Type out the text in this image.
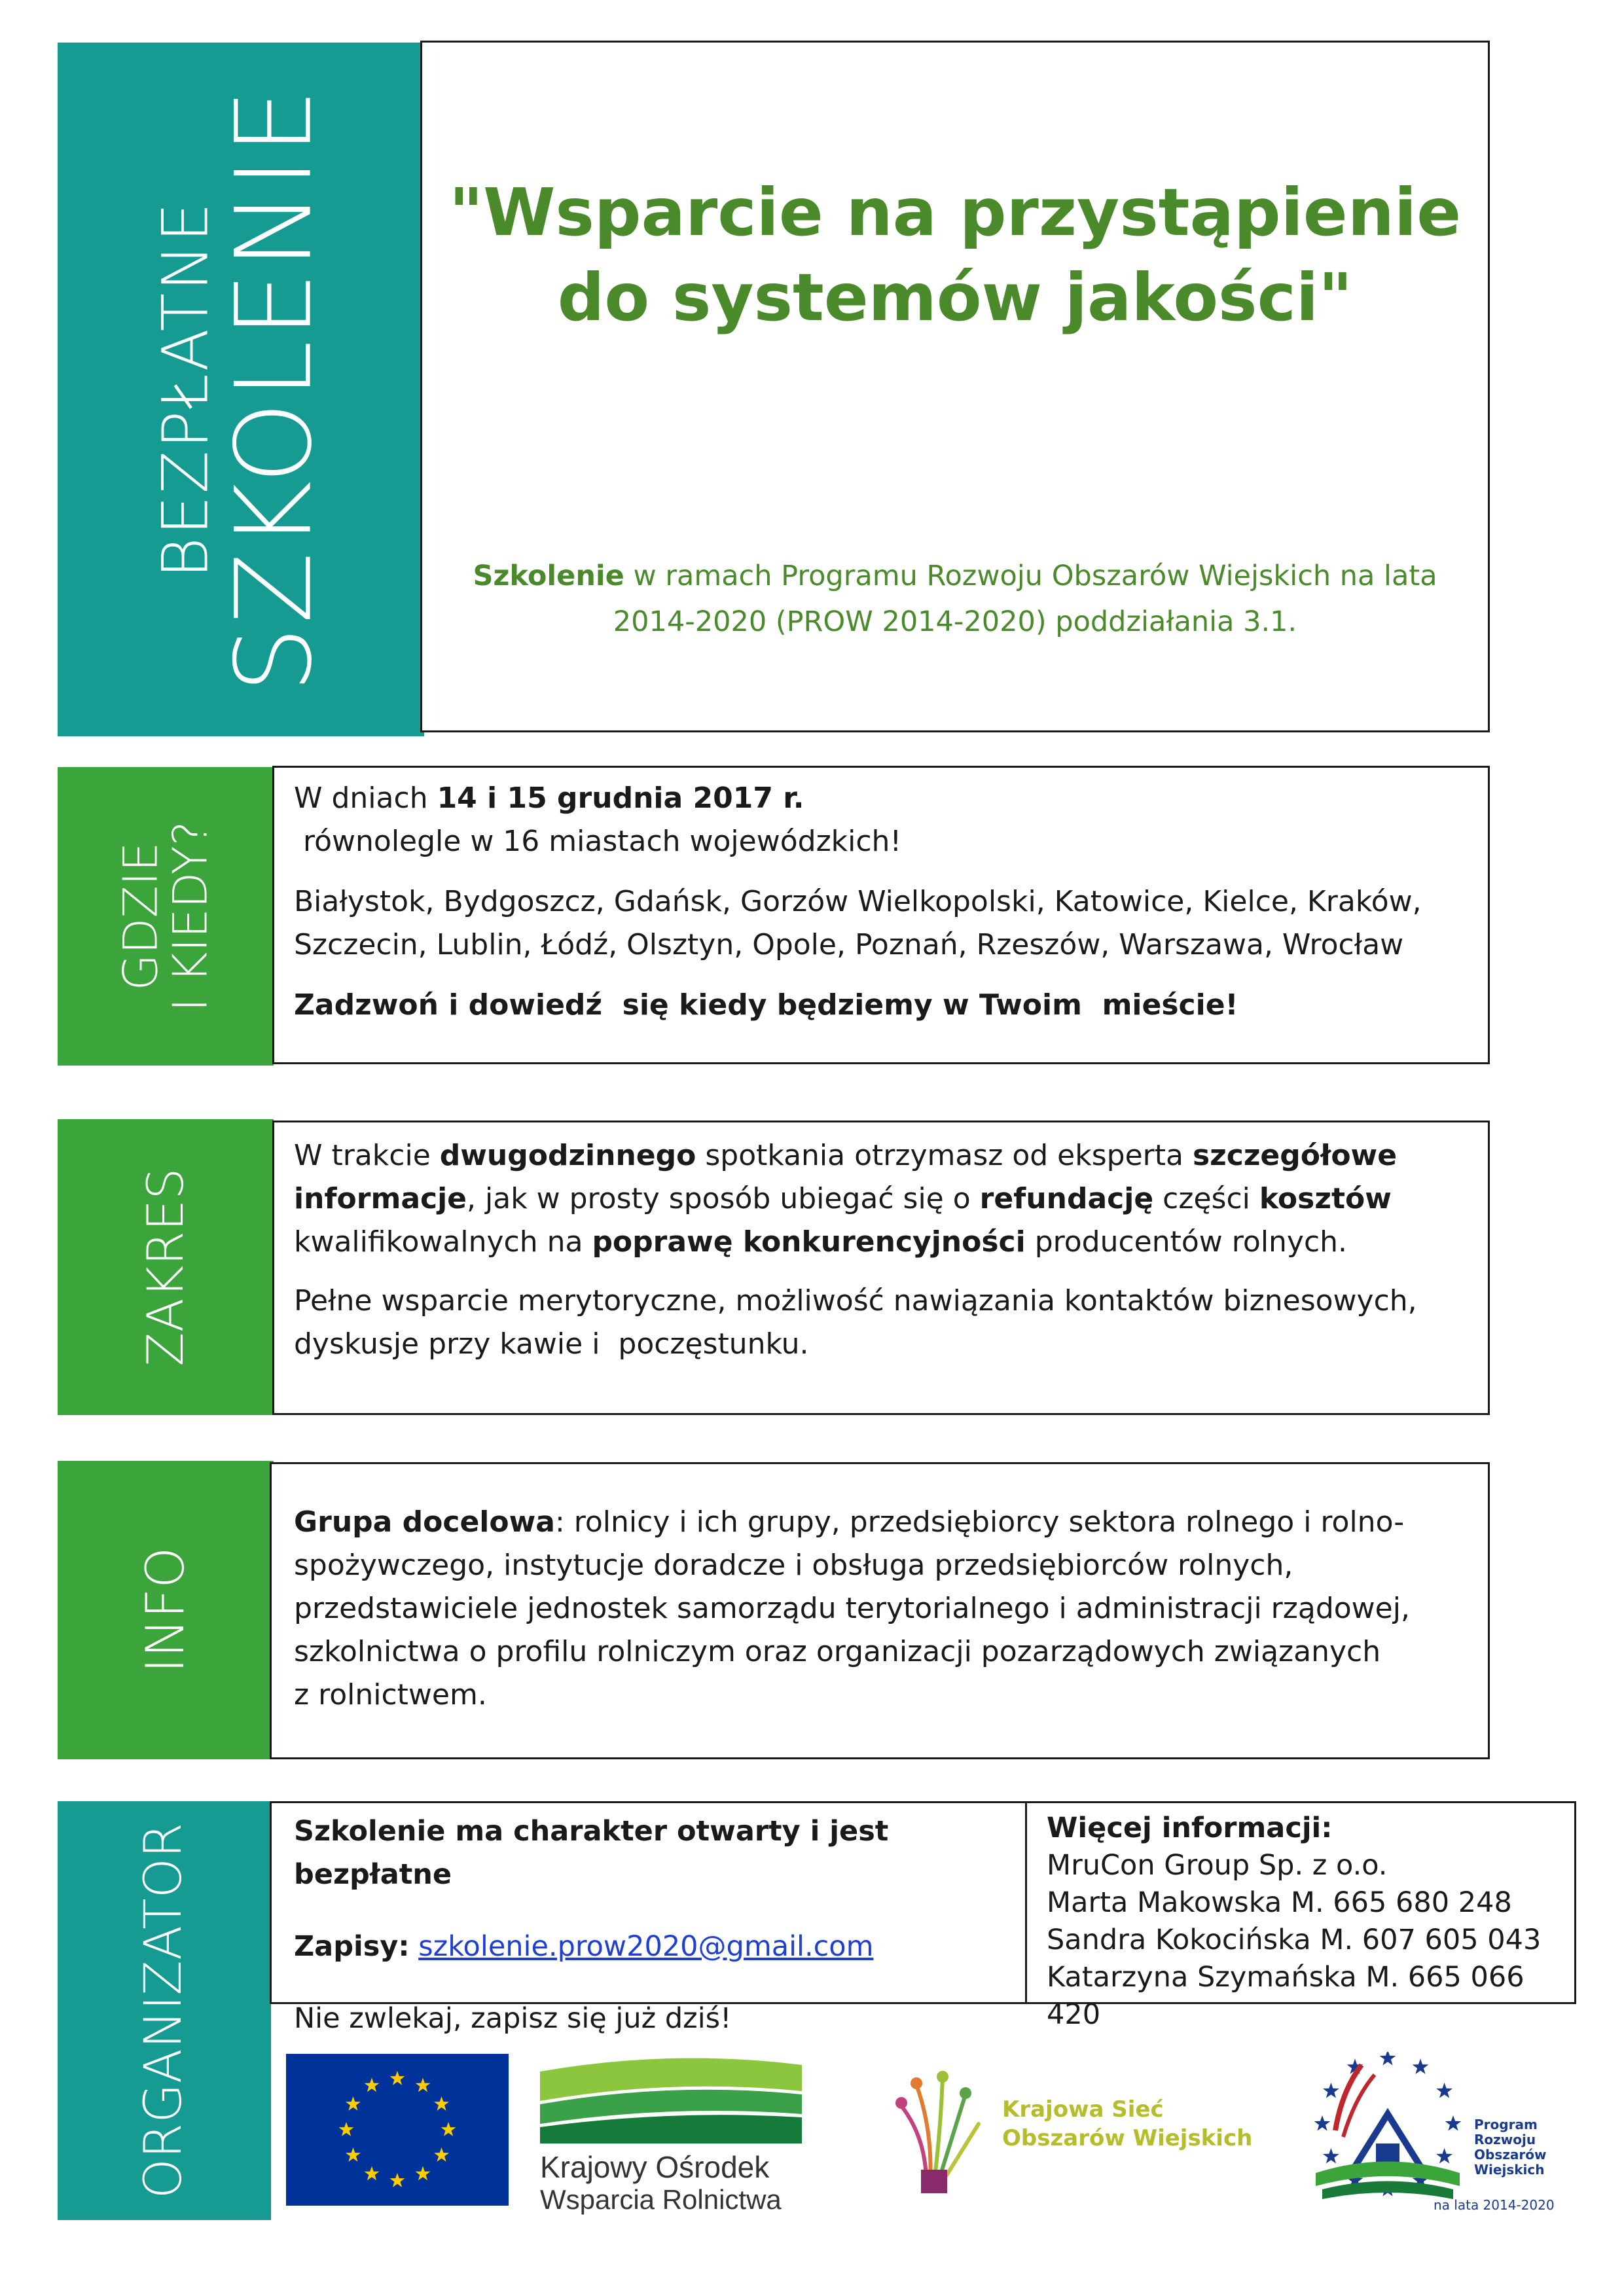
BEZPŁATNE
SZKOLENIE	"Wsparcie na przystąpienie
do systemów jakości"
Szkolenie w ramach Programu Rozwoju Obszarów Wiejskich na lata
2014-2020 (PROW 2014-2020) poddziałania 3.1.
GDZIE
I KIEDY?

W dniach 14 i 15 grudnia 2017 r.

równolegle w 16 miastach wojewódzkich!

Białystok, Bydgoszcz, Gdańsk, Gorzów Wielkopolski, Katowice, Kielce, Kraków,

Szczecin, Lublin, Łódź, Olsztyn, Opole, Poznań, Rzeszów, Warszawa, Wrocław

Zadzwoń i dowiedź  się kiedy będziemy w Twoim  mieście!

ZAKRES

W trakcie dwugodzinnego spotkania otrzymasz od eksperta szczegółowe

informacje, jak w prosty sposób ubiegać się o refundację części kosztów

kwalifikowalnych na poprawę konkurencyjności producentów rolnych.

Pełne wsparcie merytoryczne, możliwość nawiązania kontaktów biznesowych,

dyskusje przy kawie i  poczęstunku.

INFO

Grupa docelowa: rolnicy i ich grupy, przedsiębiorcy sektora rolnego i rolno-

spożywczego, instytucje doradcze i obsługa przedsiębiorców rolnych,

przedstawiciele jednostek samorządu terytorialnego i administracji rządowej,

szkolnictwa o profilu rolniczym oraz organizacji pozarządowych związanych

z rolnictwem.

ORGANIZATOR	Szkolenie ma charakter otwarty i jest bezpłatne

Zapisy: szkolenie.prow2020@gmail.com

Nie zwlekaj, zapisz się już dziś!

Więcej informacji:

MruCon Group Sp. z o.o.

Marta Makowska M. 665 680 248

Sandra Kokocińska M. 607 605 043

Katarzyna Szymańska M. 665 066 420

Krajowy Ośrodek
Wsparcia Rolnictwa
Krajowa Sieć
Obszarów Wiejskich
Program
Rozwoju
Obszarów
Wiejskich
na lata 2014-2020
